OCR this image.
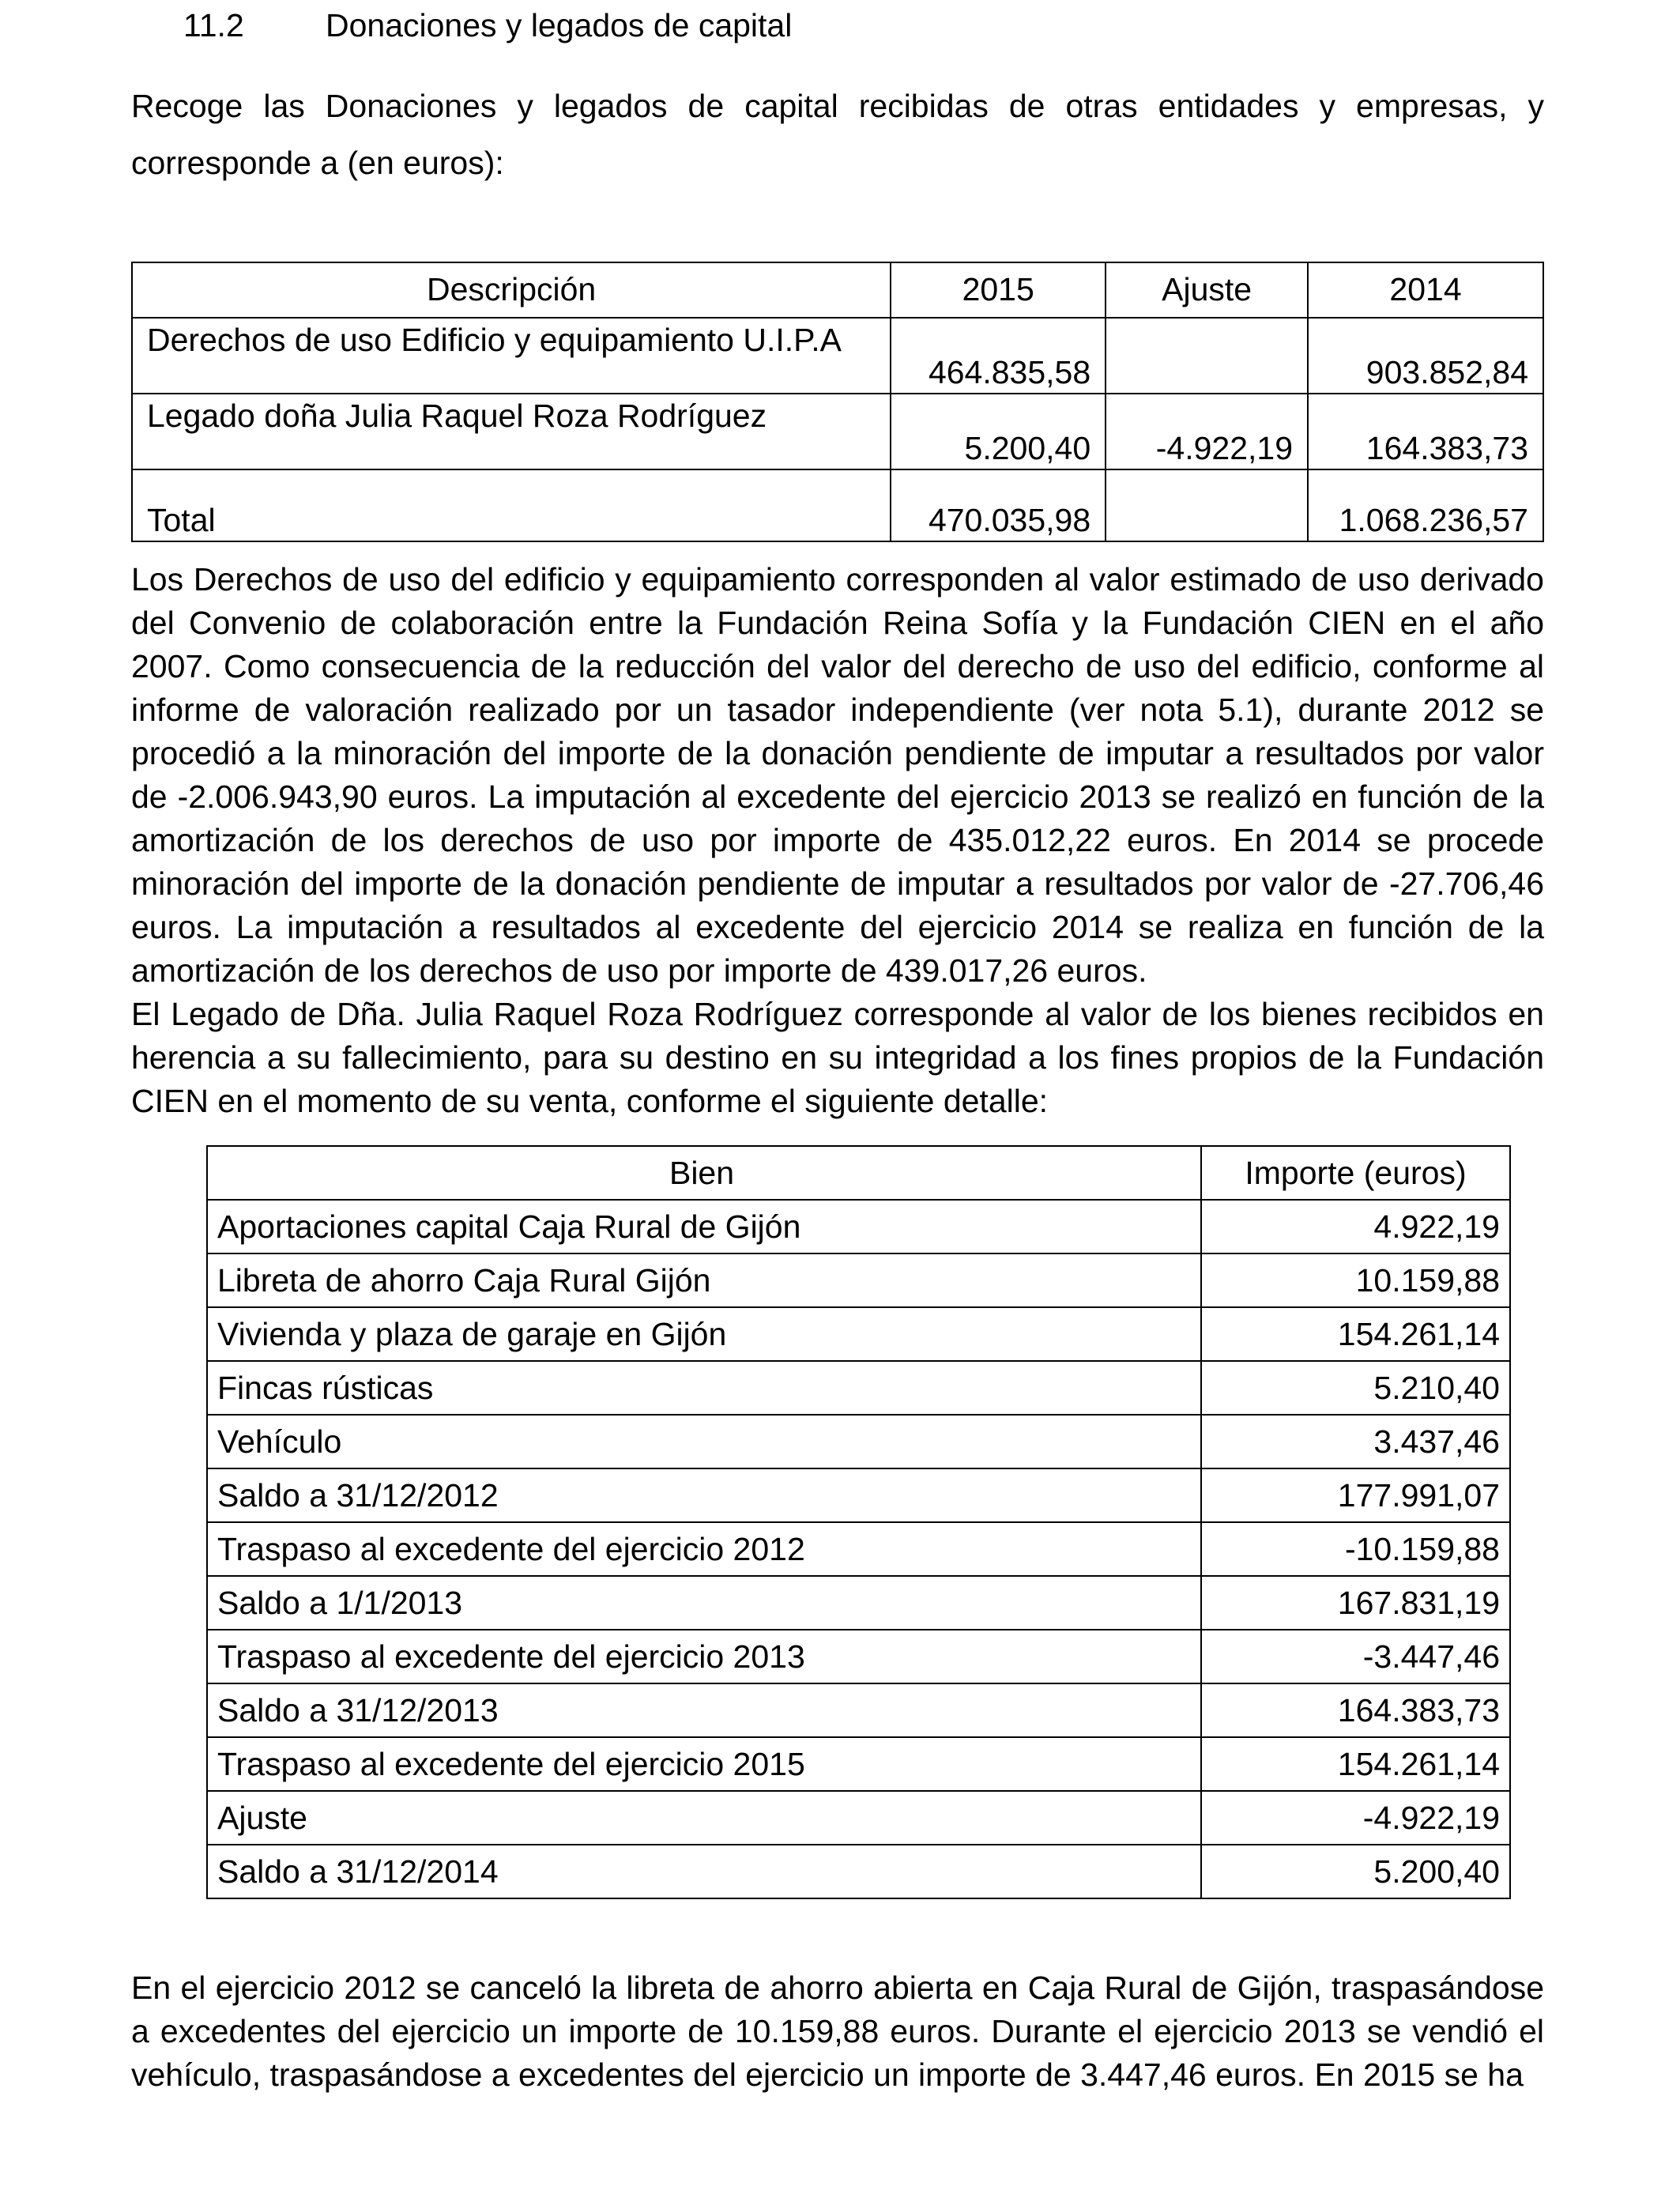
11.2	Donaciones y legados de capital
Recoge las Donaciones y legados de capital recibidas de otras entidades y empresas, y corresponde a (en euros):
Descripción	2015	Ajuste	2014
Derechos de uso Edificio y equipamiento U.I.P.A	464.835,58		903.852,84
Legado doña Julia Raquel Roza Rodríguez	5.200,40	-4.922,19	164.383,73
Total	470.035,98		1.068.236,57

Los Derechos de uso del edificio y equipamiento corresponden al valor estimado de uso derivado del Convenio de colaboración entre la Fundación Reina Sofía y la Fundación CIEN en el año 2007. Como consecuencia de la reducción del valor del derecho de uso del edificio, conforme al informe de valoración realizado por un tasador independiente (ver nota 5.1), durante 2012 se procedió a la minoración del importe de la donación pendiente de imputar a resultados por valor de -2.006.943,90 euros. La imputación al excedente del ejercicio 2013 se realizó en función de la amortización de los derechos de uso por importe de 435.012,22 euros. En 2014 se procede minoración del importe de la donación pendiente de imputar a resultados por valor de -27.706,46 euros. La imputación a resultados al excedente del ejercicio 2014 se realiza en función de la amortización de los derechos de uso por importe de 439.017,26 euros.

El Legado de Dña. Julia Raquel Roza Rodríguez corresponde al valor de los bienes recibidos en herencia a su fallecimiento, para su destino en su integridad a los fines propios de la Fundación CIEN en el momento de su venta, conforme el siguiente detalle:

Bien	Importe (euros)
Aportaciones capital Caja Rural de Gijón	4.922,19
Libreta de ahorro Caja Rural Gijón	10.159,88
Vivienda y plaza de garaje en Gijón	154.261,14
Fincas rústicas	5.210,40
Vehículo	3.437,46
Saldo a 31/12/2012	177.991,07
Traspaso al excedente del ejercicio 2012	-10.159,88
Saldo a 1/1/2013	167.831,19
Traspaso al excedente del ejercicio 2013	-3.447,46
Saldo a 31/12/2013	164.383,73
Traspaso al excedente del ejercicio 2015	154.261,14
Ajuste	-4.922,19
Saldo a 31/12/2014	5.200,40

En el ejercicio 2012 se canceló la libreta de ahorro abierta en Caja Rural de Gijón, traspasándose a excedentes del ejercicio un importe de 10.159,88 euros. Durante el ejercicio 2013 se vendió el vehículo, traspasándose a excedentes del ejercicio un importe de 3.447,46 euros. En 2015 se ha
